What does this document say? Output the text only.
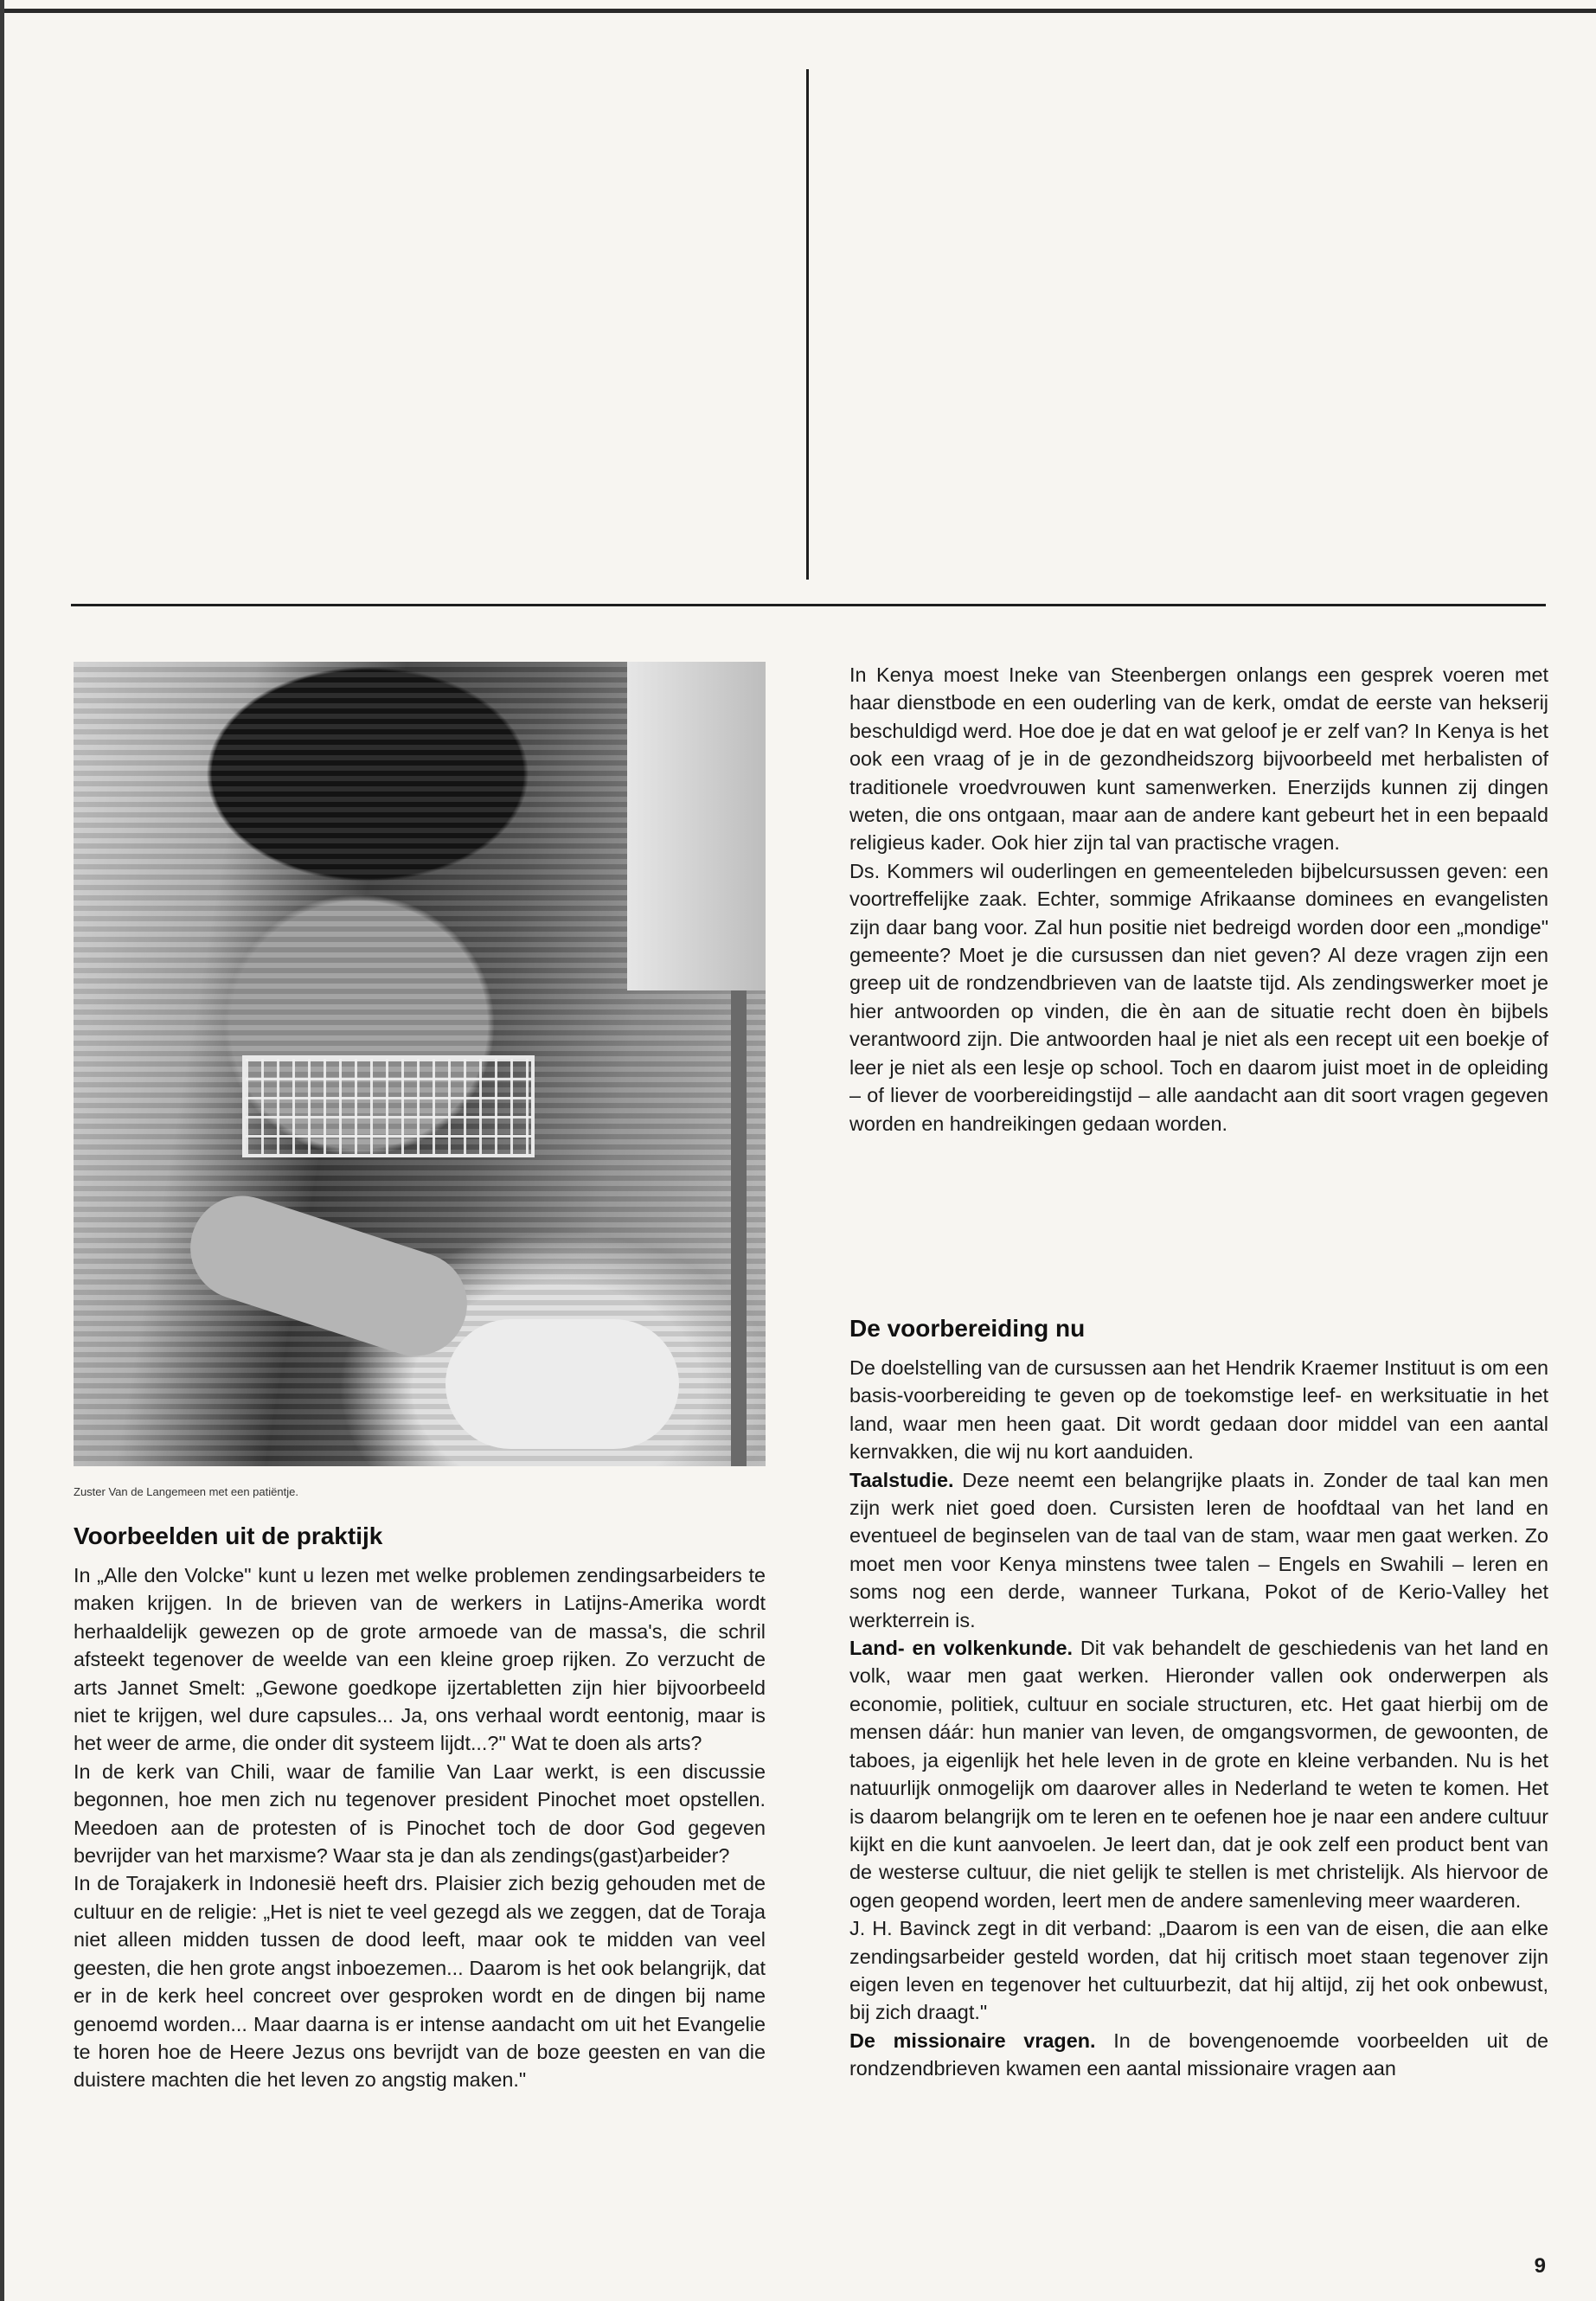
Zuster Van de Langemeen met een patiëntje.
Voorbeelden uit de praktijk

In „Alle den Volcke" kunt u lezen met welke problemen zendingsarbeiders te maken krijgen. In de brieven van de werkers in Latijns-Amerika wordt herhaaldelijk gewezen op de grote armoede van de massa's, die schril afsteekt tegenover de weelde van een kleine groep rijken. Zo verzucht de arts Jannet Smelt: „Gewone goedkope ijzertabletten zijn hier bijvoorbeeld niet te krijgen, wel dure capsules... Ja, ons verhaal wordt eentonig, maar is het weer de arme, die onder dit systeem lijdt...?" Wat te doen als arts?

In de kerk van Chili, waar de familie Van Laar werkt, is een discussie begonnen, hoe men zich nu tegenover president Pinochet moet opstellen. Meedoen aan de protesten of is Pinochet toch de door God gegeven bevrijder van het marxisme? Waar sta je dan als zendings(gast)arbeider?

In de Torajakerk in Indonesië heeft drs. Plaisier zich bezig gehouden met de cultuur en de religie: „Het is niet te veel gezegd als we zeggen, dat de Toraja niet alleen midden tussen de dood leeft, maar ook te midden van veel geesten, die hen grote angst inboezemen... Daarom is het ook belangrijk, dat er in de kerk heel concreet over gesproken wordt en de dingen bij name genoemd worden... Maar daarna is er intense aandacht om uit het Evangelie te horen hoe de Heere Jezus ons bevrijdt van de boze geesten en van die duistere machten die het leven zo angstig maken."

In Kenya moest Ineke van Steenbergen onlangs een gesprek voeren met haar dienstbode en een ouderling van de kerk, omdat de eerste van hekserij beschuldigd werd. Hoe doe je dat en wat geloof je er zelf van? In Kenya is het ook een vraag of je in de gezondheidszorg bijvoorbeeld met herbalisten of traditionele vroedvrouwen kunt samenwerken. Enerzijds kunnen zij dingen weten, die ons ontgaan, maar aan de andere kant gebeurt het in een bepaald religieus kader. Ook hier zijn tal van practische vragen.

Ds. Kommers wil ouderlingen en gemeenteleden bijbelcursussen geven: een voortreffelijke zaak. Echter, sommige Afrikaanse dominees en evangelisten zijn daar bang voor. Zal hun positie niet bedreigd worden door een „mondige" gemeente? Moet je die cursussen dan niet geven? Al deze vragen zijn een greep uit de rondzendbrieven van de laatste tijd. Als zendingswerker moet je hier antwoorden op vinden, die èn aan de situatie recht doen èn bijbels verantwoord zijn. Die antwoorden haal je niet als een recept uit een boekje of leer je niet als een lesje op school. Toch en daarom juist moet in de opleiding – of liever de voorbereidingstijd – alle aandacht aan dit soort vragen gegeven worden en handreikingen gedaan worden.

De voorbereiding nu

De doelstelling van de cursussen aan het Hendrik Kraemer Instituut is om een basis-voorbereiding te geven op de toekomstige leef- en werksituatie in het land, waar men heen gaat. Dit wordt gedaan door middel van een aantal kernvakken, die wij nu kort aanduiden.

Taalstudie. Deze neemt een belangrijke plaats in. Zonder de taal kan men zijn werk niet goed doen. Cursisten leren de hoofdtaal van het land en eventueel de beginselen van de taal van de stam, waar men gaat werken. Zo moet men voor Kenya minstens twee talen – Engels en Swahili – leren en soms nog een derde, wanneer Turkana, Pokot of de Kerio-Valley het werkterrein is.

Land- en volkenkunde. Dit vak behandelt de geschiedenis van het land en volk, waar men gaat werken. Hieronder vallen ook onderwerpen als economie, politiek, cultuur en sociale structuren, etc. Het gaat hierbij om de mensen dáár: hun manier van leven, de omgangsvormen, de gewoonten, de taboes, ja eigenlijk het hele leven in de grote en kleine verbanden. Nu is het natuurlijk onmogelijk om daarover alles in Nederland te weten te komen. Het is daarom belangrijk om te leren en te oefenen hoe je naar een andere cultuur kijkt en die kunt aanvoelen. Je leert dan, dat je ook zelf een product bent van de westerse cultuur, die niet gelijk te stellen is met christelijk. Als hiervoor de ogen geopend worden, leert men de andere samenleving meer waarderen.

J. H. Bavinck zegt in dit verband: „Daarom is een van de eisen, die aan elke zendingsarbeider gesteld worden, dat hij critisch moet staan tegenover zijn eigen leven en tegenover het cultuurbezit, dat hij altijd, zij het ook onbewust, bij zich draagt."

De missionaire vragen. In de bovengenoemde voorbeelden uit de rondzendbrieven kwamen een aantal missionaire vragen aan

9
